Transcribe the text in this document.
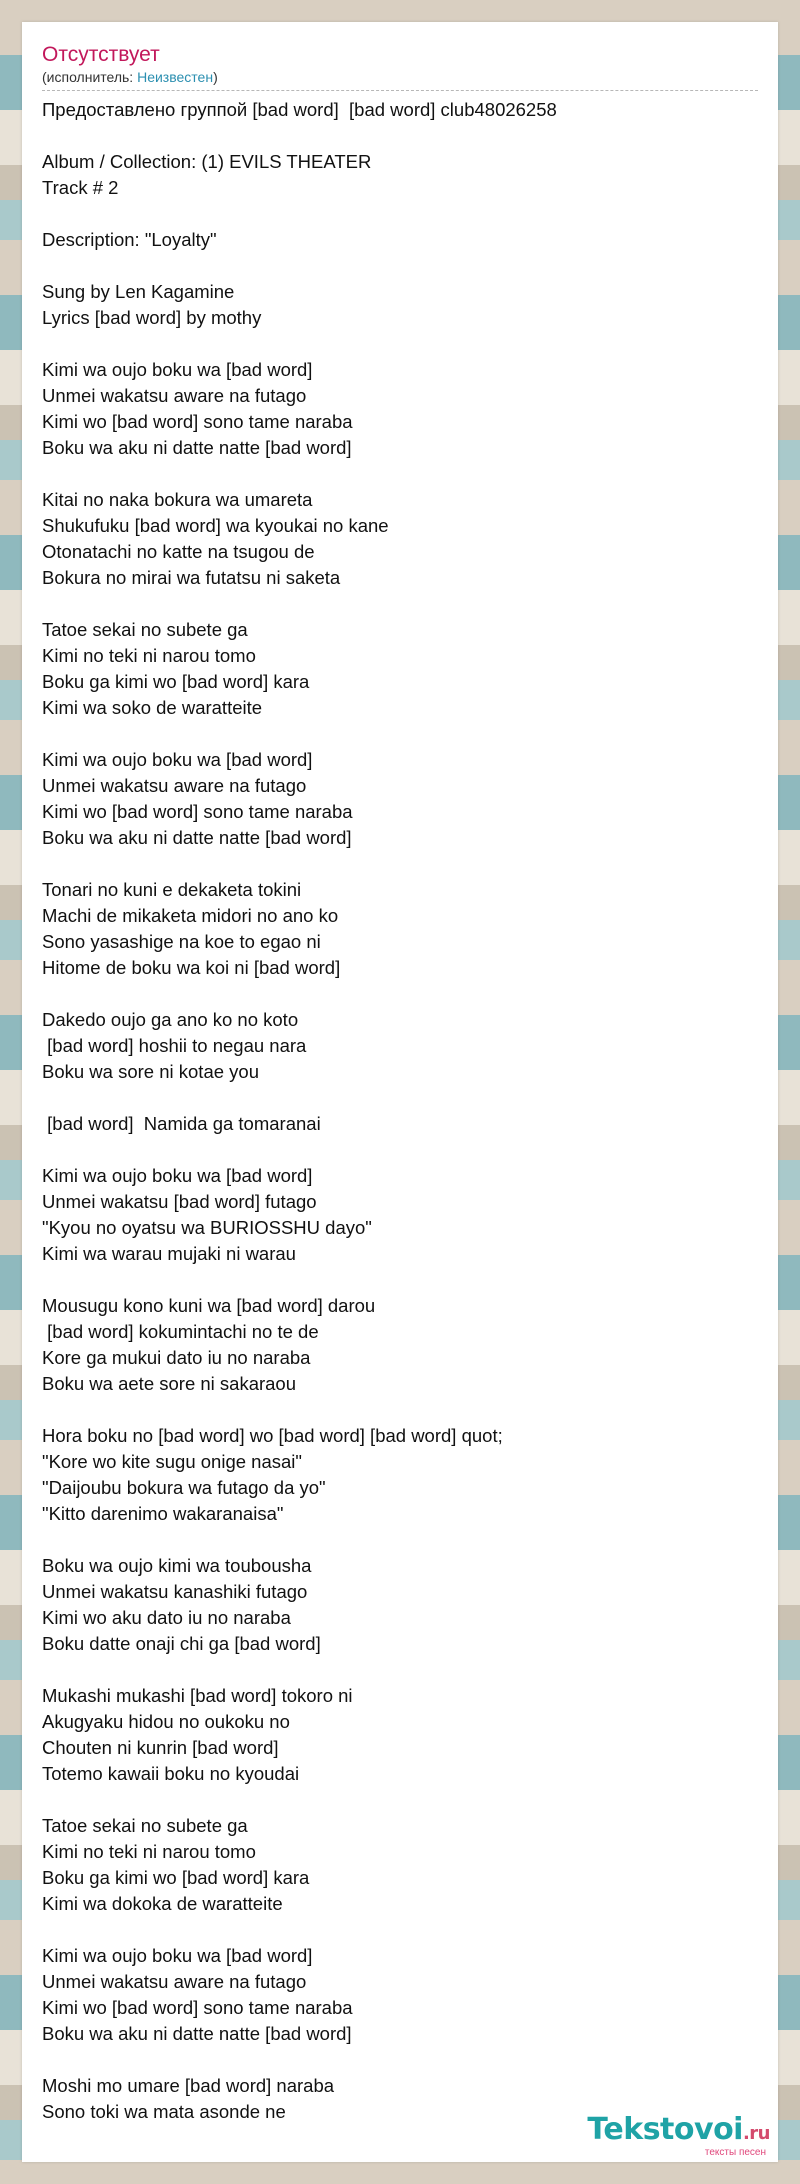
Отсутствует
(исполнитель: Неизвестен)
Предоставлено группой [bad word]  [bad word] club48026258
Album / Collection: (1) EVILS THEATER
Track # 2
Description: "Loyalty"
Sung by Len Kagamine
Lyrics [bad word] by mothy
Kimi wa oujo boku wa [bad word]
Unmei wakatsu aware na futago
Kimi wo [bad word] sono tame naraba
Boku wa aku ni datte natte [bad word]
Kitai no naka bokura wa umareta
Shukufuku [bad word] wa kyoukai no kane
Otonatachi no katte na tsugou de
Bokura no mirai wa futatsu ni saketa
Tatoe sekai no subete ga
Kimi no teki ni narou tomo
Boku ga kimi wo [bad word] kara
Kimi wa soko de waratteite
Kimi wa oujo boku wa [bad word]
Unmei wakatsu aware na futago
Kimi wo [bad word] sono tame naraba
Boku wa aku ni datte natte [bad word]
Tonari no kuni e dekaketa tokini
Machi de mikaketa midori no ano ko
Sono yasashige na koe to egao ni
Hitome de boku wa koi ni [bad word]
Dakedo oujo ga ano ko no koto
[bad word] hoshii to negau nara
Boku wa sore ni kotae you
[bad word]  Namida ga tomaranai
Kimi wa oujo boku wa [bad word]
Unmei wakatsu [bad word] futago
"Kyou no oyatsu wa BURIOSSHU dayo"
Kimi wa warau mujaki ni warau
Mousugu kono kuni wa [bad word] darou
[bad word] kokumintachi no te de
Kore ga mukui dato iu no naraba
Boku wa aete sore ni sakaraou
Hora boku no [bad word] wo [bad word] [bad word] quot;
"Kore wo kite sugu onige nasai"
"Daijoubu bokura wa futago da yo"
"Kitto darenimo wakaranaisa"
Boku wa oujo kimi wa toubousha
Unmei wakatsu kanashiki futago
Kimi wo aku dato iu no naraba
Boku datte onaji chi ga [bad word]
Mukashi mukashi [bad word] tokoro ni
Akugyaku hidou no oukoku no
Chouten ni kunrin [bad word]
Totemo kawaii boku no kyoudai
Tatoe sekai no subete ga
Kimi no teki ni narou tomo
Boku ga kimi wo [bad word] kara
Kimi wa dokoka de waratteite
Kimi wa oujo boku wa [bad word]
Unmei wakatsu aware na futago
Kimi wo [bad word] sono tame naraba
Boku wa aku ni datte natte [bad word]
Moshi mo umare [bad word] naraba
Sono toki wa mata asonde ne
Tekstovoi.ru
тексты песен
